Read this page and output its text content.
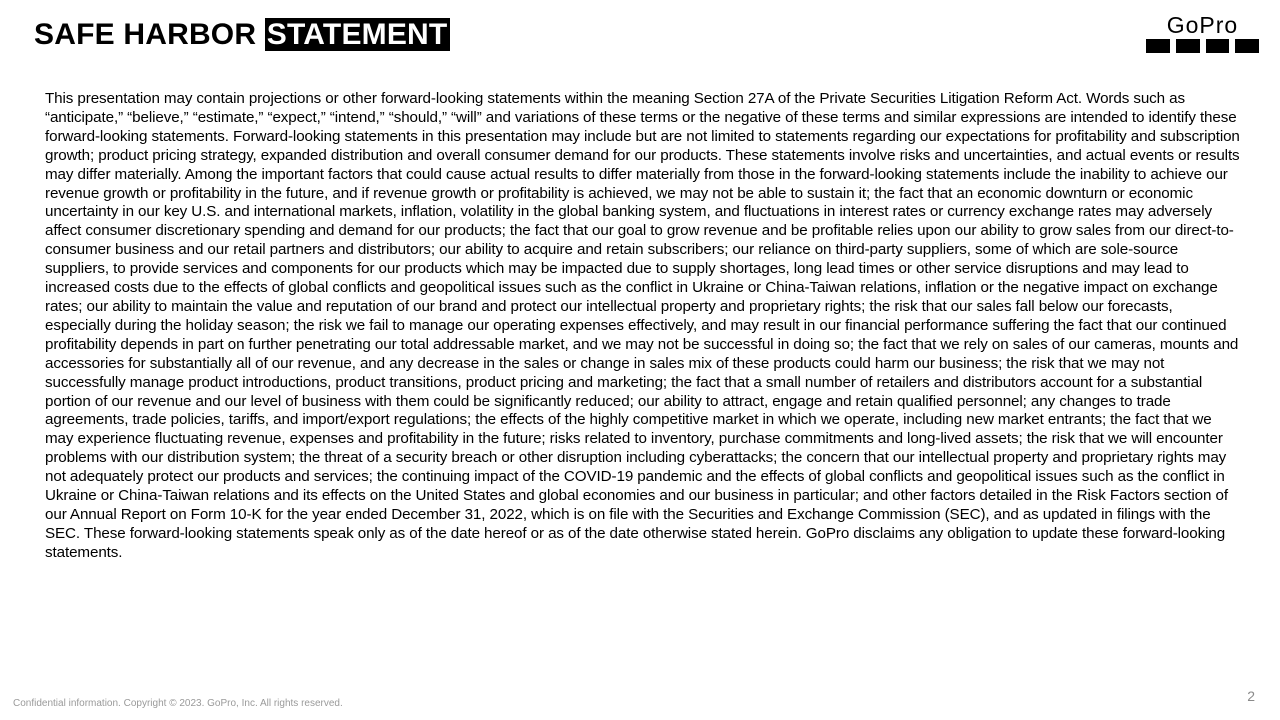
SAFE HARBOR STATEMENT	GoPro

This presentation may contain projections or other forward-looking statements within the meaning Section 27A of the Private Securities Litigation Reform Act. Words such as “anticipate,” “believe,” “estimate,” “expect,” “intend,” “should,” “will” and variations of these terms or the negative of these terms and similar expressions are intended to identify these forward-looking statements. Forward-looking statements in this presentation may include but are not limited to statements regarding our expectations for profitability and subscription growth; product pricing strategy, expanded distribution and overall consumer demand for our products. These statements involve risks and uncertainties, and actual events or results may differ materially. Among the important factors that could cause actual results to differ materially from those in the forward-looking statements include the inability to achieve our revenue growth or profitability in the future, and if revenue growth or profitability is achieved, we may not be able to sustain it; the fact that an economic downturn or economic uncertainty in our key U.S. and international markets, inflation, volatility in the global banking system, and fluctuations in interest rates or currency exchange rates may adversely affect consumer discretionary spending and demand for our products; the fact that our goal to grow revenue and be profitable relies upon our ability to grow sales from our direct-to-consumer business and our retail partners and distributors; our ability to acquire and retain subscribers; our reliance on third-party suppliers, some of which are sole-source suppliers, to provide services and components for our products which may be impacted due to supply shortages, long lead times or other service disruptions and may lead to increased costs due to the effects of global conflicts and geopolitical issues such as the conflict in Ukraine or China-Taiwan relations, inflation or the negative impact on exchange rates; our ability to maintain the value and reputation of our brand and protect our intellectual property and proprietary rights; the risk that our sales fall below our forecasts, especially during the holiday season; the risk we fail to manage our operating expenses effectively, and may result in our financial performance suffering the fact that our continued profitability depends in part on further penetrating our total addressable market, and we may not be successful in doing so; the fact that we rely on sales of our cameras, mounts and accessories for substantially all of our revenue, and any decrease in the sales or change in sales mix of these products could harm our business; the risk that we may not successfully manage product introductions, product transitions, product pricing and marketing; the fact that a small number of retailers and distributors account for a substantial portion of our revenue and our level of business with them could be significantly reduced; our ability to attract, engage and retain qualified personnel; any changes to trade agreements, trade policies, tariffs, and import/export regulations; the effects of the highly competitive market in which we operate, including new market entrants; the fact that we may experience fluctuating revenue, expenses and profitability in the future; risks related to inventory, purchase commitments and long-lived assets; the risk that we will encounter problems with our distribution system; the threat of a security breach or other disruption including cyberattacks; the concern that our intellectual property and proprietary rights may not adequately protect our products and services; the continuing impact of the COVID-19 pandemic and the effects of global conflicts and geopolitical issues such as the conflict in Ukraine or China-Taiwan relations and its effects on the United States and global economies and our business in particular; and other factors detailed in the Risk Factors section of our Annual Report on Form 10-K for the year ended December 31, 2022, which is on file with the Securities and Exchange Commission (SEC), and as updated in filings with the SEC. These forward-looking statements speak only as of the date hereof or as of the date otherwise stated herein. GoPro disclaims any obligation to update these forward-looking statements.

Confidential information. Copyright © 2023. GoPro, Inc. All rights reserved.	2
